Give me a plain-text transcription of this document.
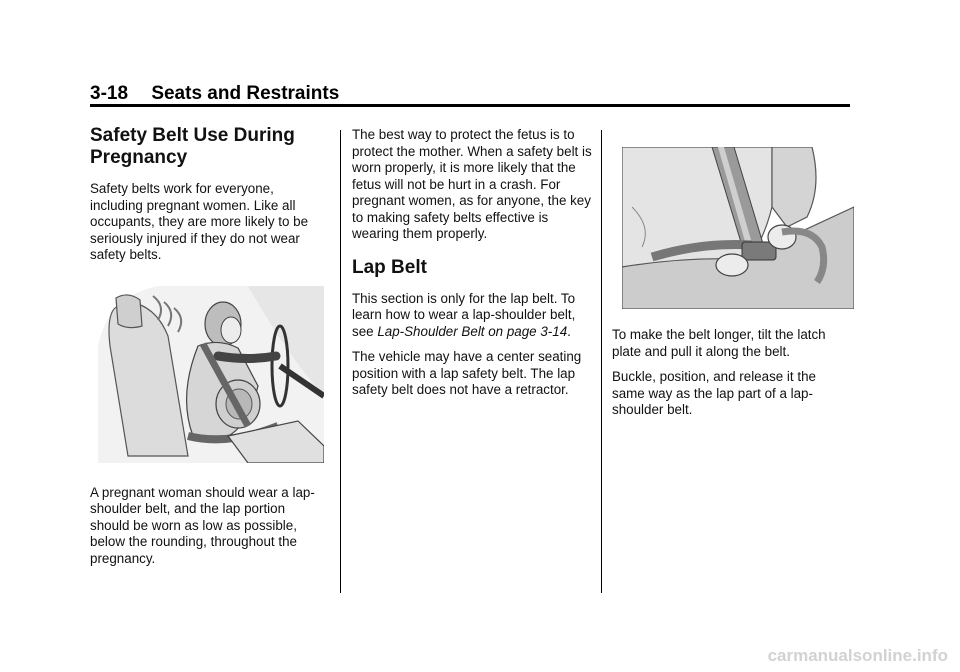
3-18 Seats and Restraints
Safety Belt Use During Pregnancy

Safety belts work for everyone, including pregnant women. Like all occupants, they are more likely to be seriously injured if they do not wear safety belts.

A pregnant woman should wear a lap-shoulder belt, and the lap portion should be worn as low as possible, below the rounding, throughout the pregnancy.

The best way to protect the fetus is to protect the mother. When a safety belt is worn properly, it is more likely that the fetus will not be hurt in a crash. For pregnant women, as for anyone, the key to making safety belts effective is wearing them properly.

Lap Belt

This section is only for the lap belt. To learn how to wear a lap-shoulder belt, see Lap-Shoulder Belt on page 3-14.

The vehicle may have a center seating position with a lap safety belt. The lap safety belt does not have a retractor.

To make the belt longer, tilt the latch plate and pull it along the belt.

Buckle, position, and release it the same way as the lap part of a lap-shoulder belt.

carmanualsonline.info
